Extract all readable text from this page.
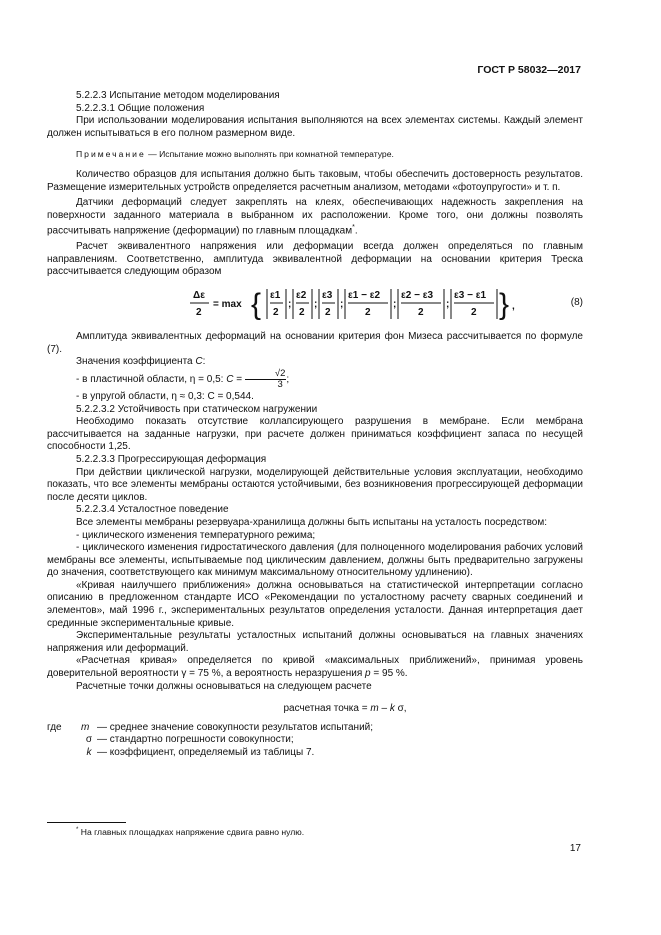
ГОСТ Р 58032—2017

5.2.2.3 Испытание методом моделирования

5.2.2.3.1 Общие положения

При использовании моделирования испытания выполняются на всех элементах системы. Каждый элемент должен испытываться в его полном размерном виде.

Примечание — Испытание можно выполнять при комнатной температуре.

Количество образцов для испытания должно быть таковым, чтобы обеспечить достоверность результатов. Размещение измерительных устройств определяется расчетным анализом, методами «фотоупругости» и т. п.

Датчики деформаций следует закреплять на клеях, обеспечивающих надежность закрепления на поверхности заданного материала в выбранном их расположении. Кроме того, они должны позволять рассчитывать напряжение (деформации) по главным площадкам*.

Расчет эквивалентного напряжения или деформации всегда должен определяться по главным направлениям. Соответственно, амплитуда эквивалентной деформации на основании критерия Треска рассчитывается следующим образом

Δε
2
= max { ε1
2
;
ε2
2
;
ε3
2
;
ε1 − ε2
2
;
ε2 − ε3
2
;
ε3 − ε1
2 } ,	(8)

Амплитуда эквивалентных деформаций на основании критерия фон Мизеса рассчитывается по формуле (7).

Значения коэффициента C:

- в пластичной области, η = 0,5: $C = \frac{√2}{3}$ ;

- в упругой области, η ≈ 0,3: C = 0,544.

5.2.2.3.2 Устойчивость при статическом нагружении

Необходимо показать отсутствие коллапсирующего разрушения в мембране. Если мембрана рассчитывается на заданные нагрузки, при расчете должен приниматься коэффициент запаса по несущей способности 1,25.

5.2.2.3.3 Прогрессирующая деформация

При действии циклической нагрузки, моделирующей действительные условия эксплуатации, необходимо показать, что все элементы мембраны остаются устойчивыми, без возникновения прогрессирующей деформации после десяти циклов.

5.2.2.3.4 Усталостное поведение

Все элементы мембраны резервуара-хранилища должны быть испытаны на усталость посредством:

- циклического изменения температурного режима;

- циклического изменения гидростатического давления (для полноценного моделирования рабочих условий мембраны все элементы, испытываемые под циклическим давлением, должны быть предварительно загружены до значения, соответствующего как минимум максимальному относительному удлинению).

«Кривая наилучшего приближения» должна основываться на статистической интерпретации согласно описанию в предложенном стандарте ИСО «Рекомендации по усталостному расчету сварных соединений и элементов», май 1996 г., экспериментальных результатов определения усталости. Данная интерпретация дает срединные экспериментальные кривые.

Экспериментальные результаты усталостных испытаний должны основываться на главных значениях напряжения или деформаций.

«Расчетная кривая» определяется по кривой «максимальных приближений», принимая уровень доверительной вероятности γ = 75 %, а вероятность неразрушения p = 95 %.

Расчетные точки должны основываться на следующем расчете

расчетная точка = m – k σ,

где	m	— среднее значение совокупности результатов испытаний;
	σ	— стандартно погрешности совокупности;
	k	— коэффициент, определяемый из таблицы 7.
* На главных площадках напряжение сдвига равно нулю.
17
